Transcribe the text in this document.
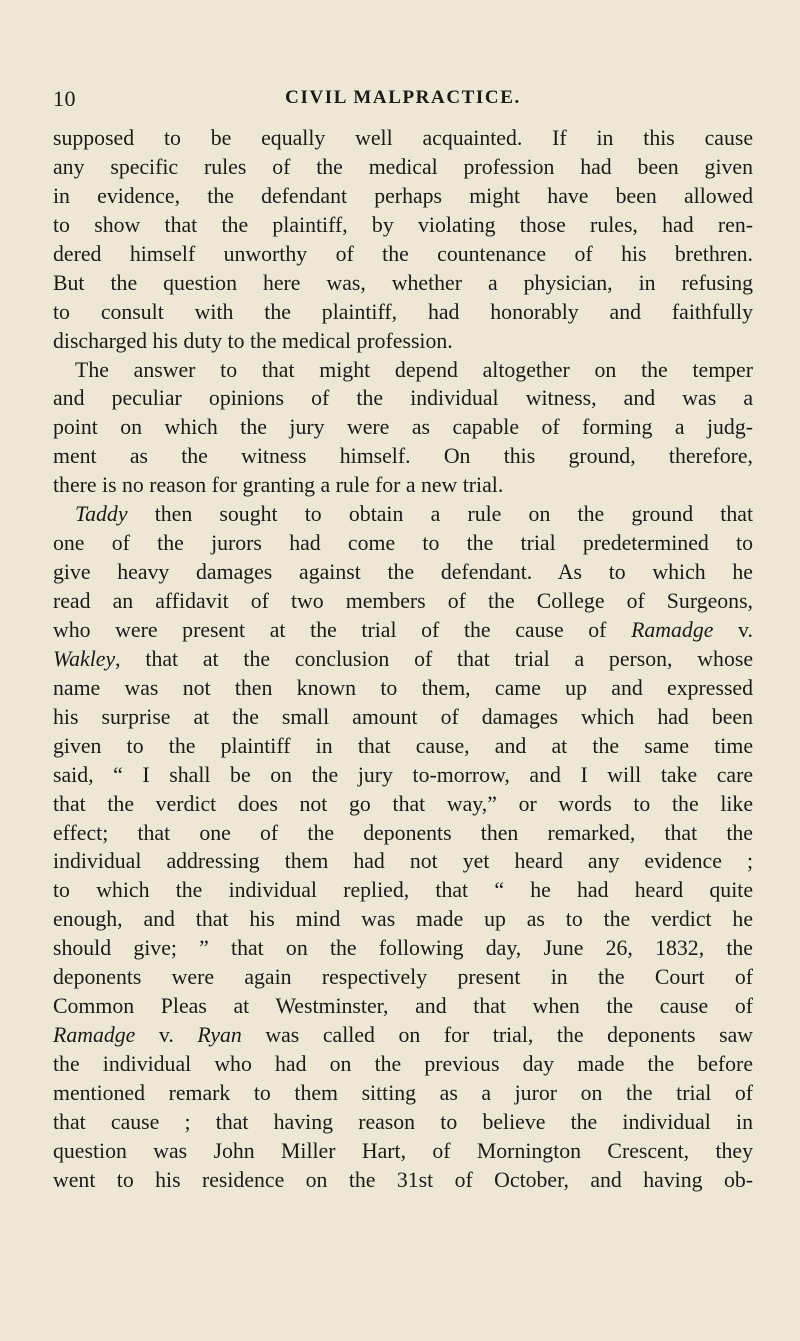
10	CIVIL MALPRACTICE.
supposed to be equally well acquainted. If in this cause
any specific rules of the medical profession had been given
in evidence, the defendant perhaps might have been allowed
to show that the plaintiff, by violating those rules, had ren-
dered himself unworthy of the countenance of his brethren.
But the question here was, whether a physician, in refusing
to consult with the plaintiff, had honorably and faithfully
discharged his duty to the medical profession.
The answer to that might depend altogether on the temper
and peculiar opinions of the individual witness, and was a
point on which the jury were as capable of forming a judg-
ment as the witness himself. On this ground, therefore,
there is no reason for granting a rule for a new trial.
Taddy then sought to obtain a rule on the ground that
one of the jurors had come to the trial predetermined to
give heavy damages against the defendant. As to which he
read an affidavit of two members of the College of Surgeons,
who were present at the trial of the cause of Ramadge v.
Wakley, that at the conclusion of that trial a person, whose
name was not then known to them, came up and expressed
his surprise at the small amount of damages which had been
given to the plaintiff in that cause, and at the same time
said, “ I shall be on the jury to-morrow, and I will take care
that the verdict does not go that way,” or words to the like
effect; that one of the deponents then remarked, that the
individual addressing them had not yet heard any evidence ;
to which the individual replied, that “ he had heard quite
enough, and that his mind was made up as to the verdict he
should give; ” that on the following day, June 26, 1832, the
deponents were again respectively present in the Court of
Common Pleas at Westminster, and that when the cause of
Ramadge v. Ryan was called on for trial, the deponents saw
the individual who had on the previous day made the before
mentioned remark to them sitting as a juror on the trial of
that cause ; that having reason to believe the individual in
question was John Miller Hart, of Mornington Crescent, they
went to his residence on the 31st of October, and having ob-
